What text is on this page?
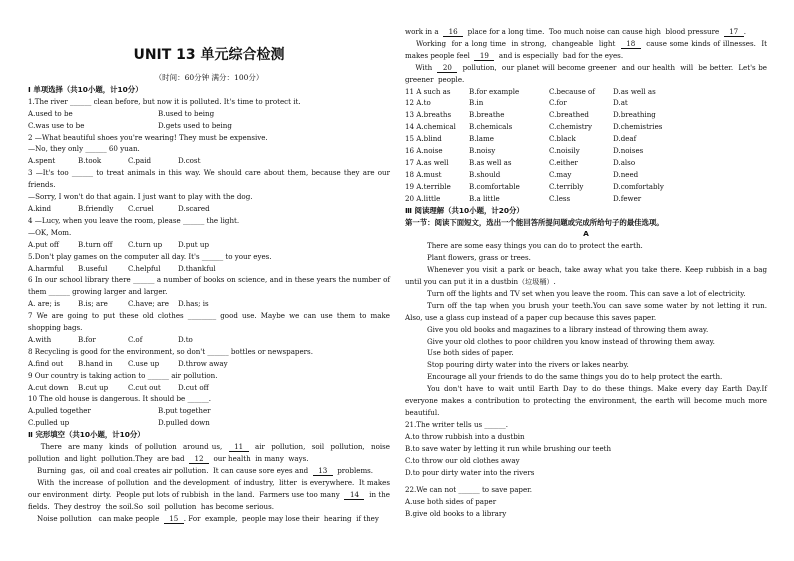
UNIT 13 单元综合检测
（时间：60分钟 满分：100分）
Ⅰ 单项选择（共10小题，计10分）

1.The river ______ clean before, but now it is polluted. It's time to protect it.

A.used to be	B.used to being
C.was use to be	D.gets used to being

2 —What beautiful shoes you're wearing! They must be expensive.

—No, they only ______ 60 yuan.

A.spent	B.took	C.paid	D.cost

3 —It's too ______ to treat animals in this way. We should care about them, because they are our friends.

—Sorry, I won't do that again. I just want to play with the dog.

A.kind	B.friendly	C.cruel	D.scared

4 —Lucy, when you leave the room, please ______ the light.

—OK, Mom.

A.put off	B.turn off	C.turn up	D.put up

5.Don't play games on the computer all day. It's ______ to your eyes.

A.harmful	B.useful	C.helpful	D.thankful

6 In our school library there ______ a number of books on science, and in these years the number of them ______ growing larger and larger.

A. are; is	B.is; are	C.have; are	D.has; is

7 We are going to put these old clothes ________ good use. Maybe we can use them to make shopping bags.

A.with	B.for	C.of	D.to

8 Recycling is good for the environment, so don't ______ bottles or newspapers.

A.find out	B.hand in	C.use up	D.throw away

9 Our country is taking action to ______ air pollution.

A.cut down	B.cut up	C.cut out	D.cut off

10 The old house is dangerous. It should be ______.

A.pulled together	B.put together
C.pulled up	D.pulled down
Ⅱ 完形填空（共10小题，计10分）

There  are many  kinds  of pollution  around us,  11  air  pollution,  soil  pollution,  noise pollution  and light  pollution.They  are bad  12  our health  in many  ways.

Burning  gas,  oil and coal creates air pollution.  It can cause sore eyes and  13  problems.

With  the increase  of pollution  and the development  of industry,  litter  is everywhere.  It makes our environment  dirty.  People put lots of rubbish  in the land.  Farmers use too many  14  in the fields.  They destroy  the soil.So  soil  pollution  has become serious.

Noise pollution   can make people  15 . For  example,  people may lose their  hearing  if they

work in a  16  place for a long time.  Too much noise can cause high  blood pressure  17 .

Working  for a long time  in strong,  changeable  light  18  cause some kinds of illnesses.  It makes people feel  19  and is especially  bad for the eyes.

With  20  pollution,  our planet will become greener  and our health  will  be better.  Let's be greener  people.

11 A such as	B.for example	C.because of	D.as well as
12 A.to	B.in	C.for	D.at
13 A.breaths	B.breathe	C.breathed	D.breathing
14 A.chemical	B.chemicals	C.chemistry	D.chemistries
15 A.blind	B.lame	C.black	D.deaf
16 A.noise	B.noisy	C.noisily	D.noises
17 A.as well	B.as well as	C.either	D.also
18 A.must	B.should	C.may	D.need
19 A.terrible	B.comfortable	C.terribly	D.comfortably
20 A.little	B.a little	C.less	D.fewer
Ⅲ 阅读理解（共10小题，计20分）
第一节：阅读下面短文，选出一个能回答所提问题或完成所给句子的最佳选项。
A

There are some easy things you can do to protect the earth.

Plant flowers, grass or trees.

Whenever you visit a park or beach, take away what you take there. Keep rubbish in a bag until you can put it in a dustbin（垃圾桶）.

Turn off the lights and TV set when you leave the room. This can save a lot of electricity.

Turn off the tap when you brush your teeth.You can save some water by not letting it run. Also, use a glass cup instead of a paper cup because this saves paper.

Give you old books and magazines to a library instead of throwing them away.

Give your old clothes to poor children you know instead of throwing them away.

Use both sides of paper.

Stop pouring dirty water into the rivers or lakes nearby.

Encourage all your friends to do the same things you do to help protect the earth.

You don't have to wait until Earth Day to do these things. Make every day Earth Day.If everyone makes a contribution to protecting the environment, the earth will become much more beautiful.

21.The writer tells us ______.

A.to throw rubbish into a dustbin

B.to save water by letting it run while brushing our teeth

C.to throw our old clothes away

D.to pour dirty water into the rivers

22.We can not ______ to save paper.

A.use both sides of paper

B.give old books to a library
